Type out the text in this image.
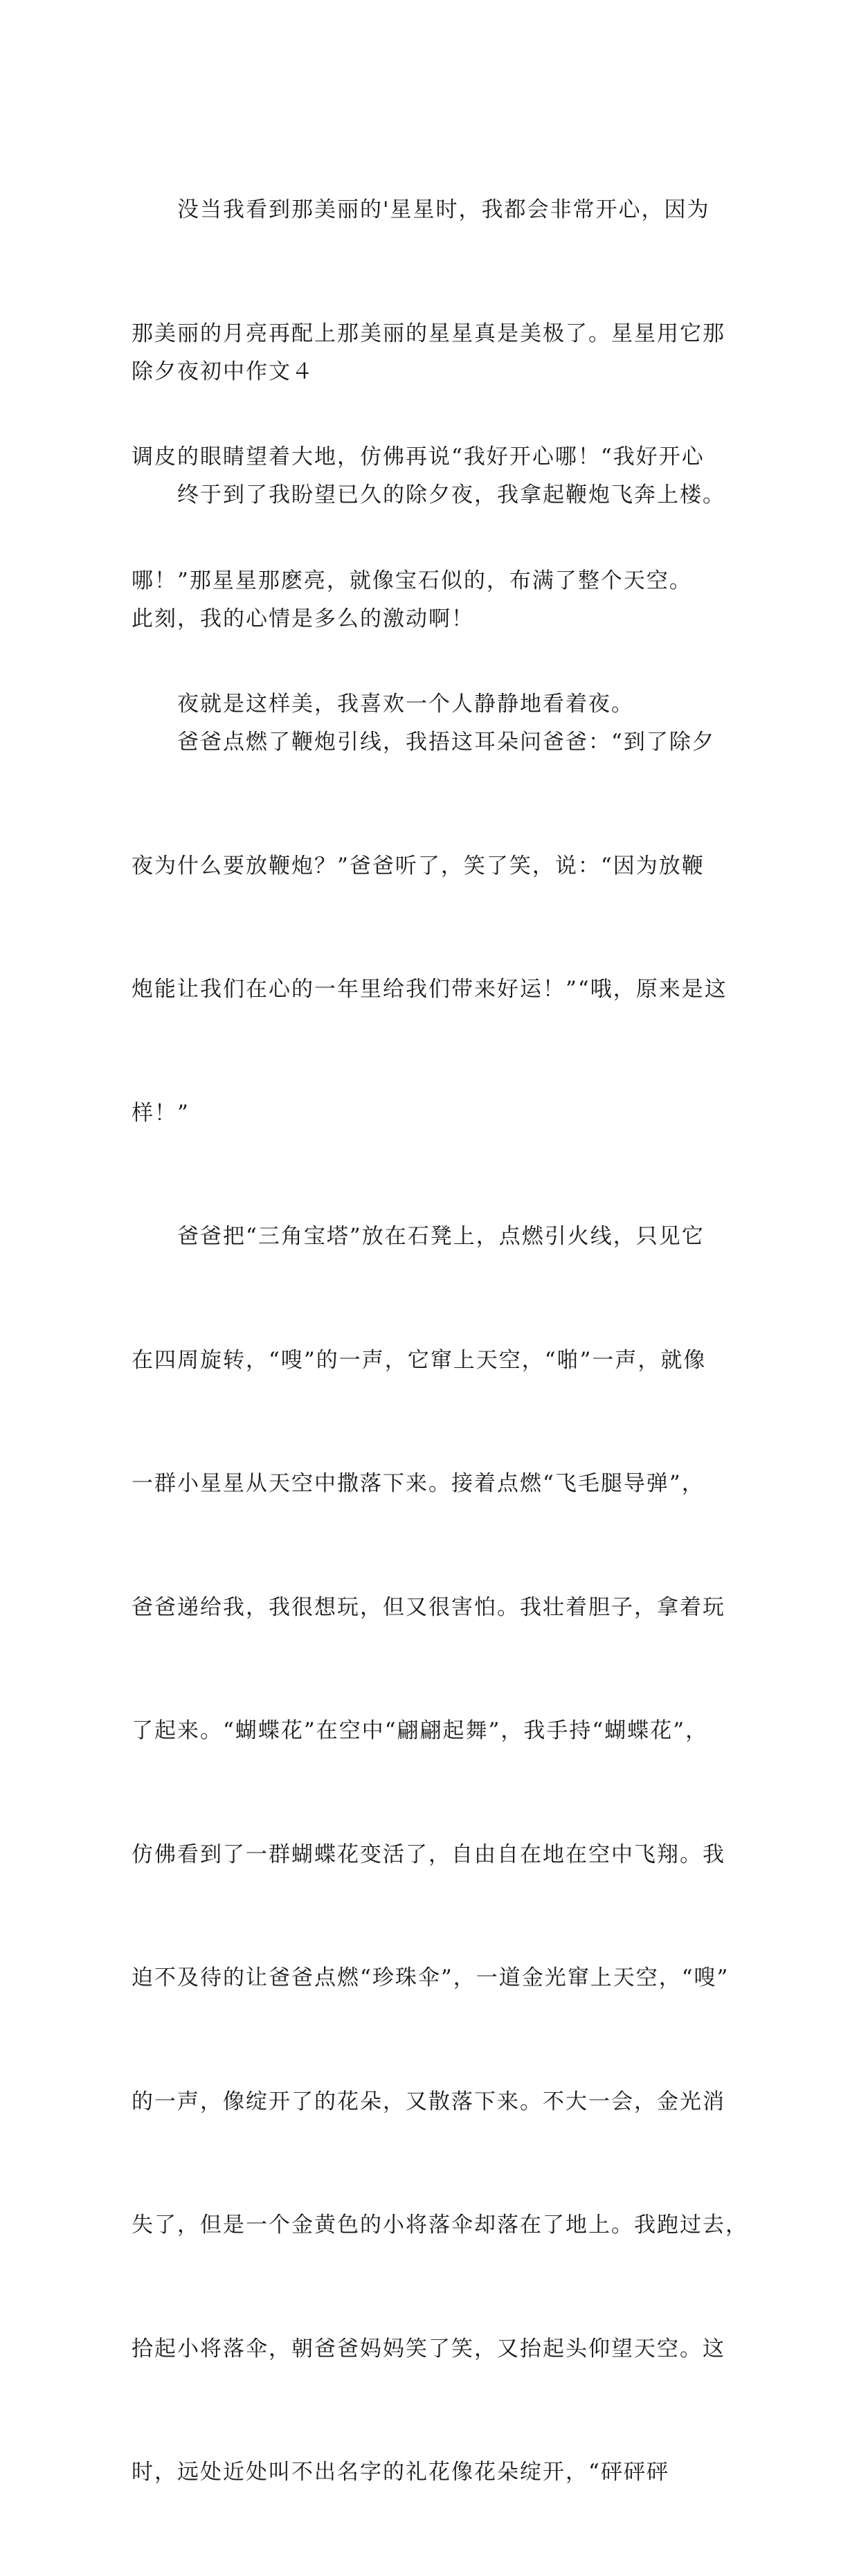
　　没当我看到那美丽的'星星时，我都会非常开心，因为

那美丽的月亮再配上那美丽的星星真是美极了。星星用它那

调皮的眼睛望着大地，仿佛再说“我好开心哪！“我好开心

哪！”那星星那麽亮，就像宝石似的，布满了整个天空。

　　夜就是这样美，我喜欢一个人静静地看着夜。

除夕夜初中作文４

　　终于到了我盼望已久的除夕夜，我拿起鞭炮飞奔上楼。

此刻，我的心情是多么的激动啊！

　　爸爸点燃了鞭炮引线，我捂这耳朵问爸爸：“到了除夕

夜为什么要放鞭炮？”爸爸听了，笑了笑，说：“因为放鞭

炮能让我们在心的一年里给我们带来好运！”“哦，原来是这

样！”

　　爸爸把“三角宝塔”放在石凳上，点燃引火线，只见它

在四周旋转，“嗖”的一声，它窜上天空，“啪”一声，就像

一群小星星从天空中撒落下来。接着点燃“飞毛腿导弹”，

爸爸递给我，我很想玩，但又很害怕。我壮着胆子，拿着玩

了起来。“蝴蝶花”在空中“翩翩起舞”，我手持“蝴蝶花”，

仿佛看到了一群蝴蝶花变活了，自由自在地在空中飞翔。我

迫不及待的让爸爸点燃“珍珠伞”，一道金光窜上天空，“嗖”

的一声，像绽开了的花朵，又散落下来。不大一会，金光消

失了，但是一个金黄色的小将落伞却落在了地上。我跑过去，

拾起小将落伞，朝爸爸妈妈笑了笑，又抬起头仰望天空。这

时，远处近处叫不出名字的礼花像花朵绽开，“砰砰砰
